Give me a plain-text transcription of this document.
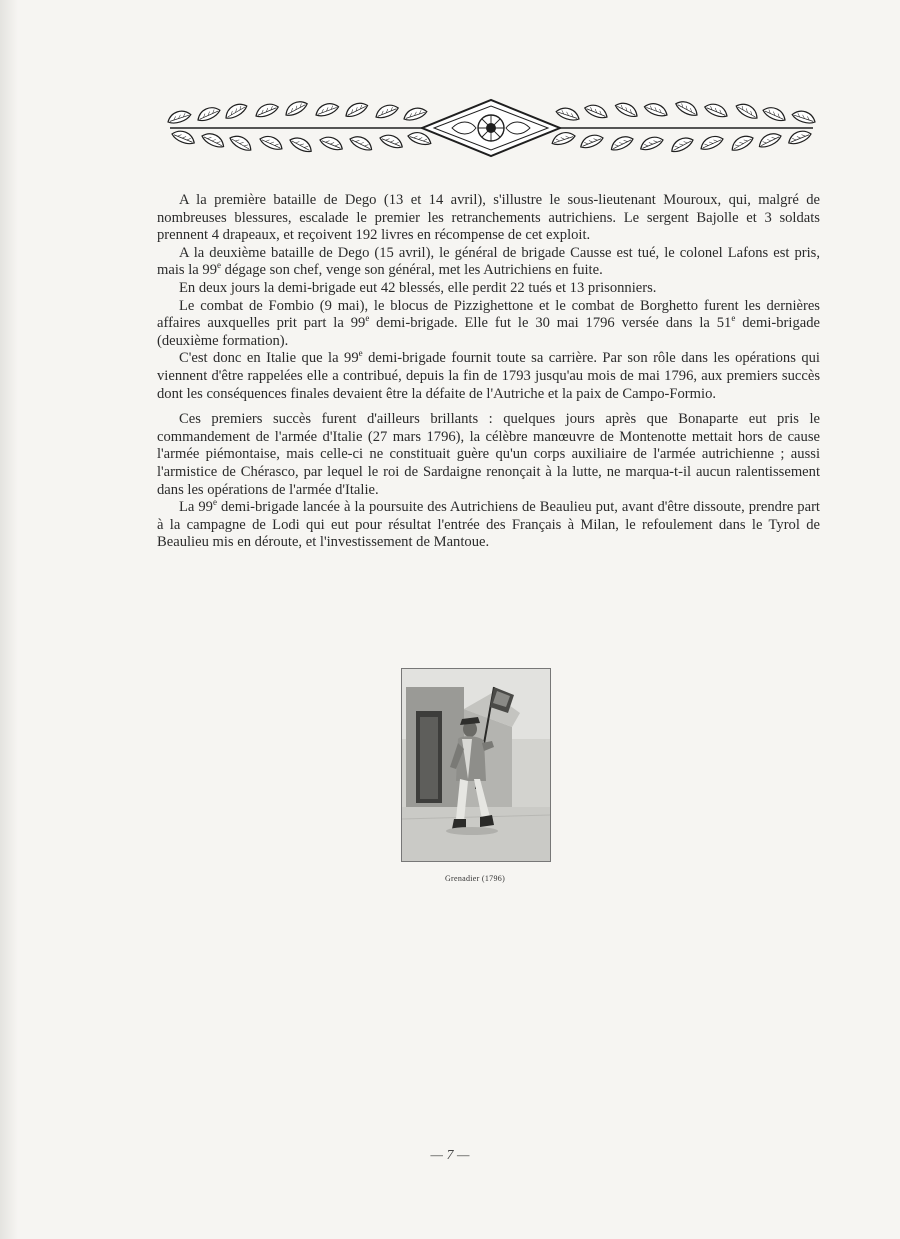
A la première bataille de Dego (13 et 14 avril), s'illustre le sous-lieutenant Mouroux, qui, malgré de nombreuses blessures, escalade le premier les retranchements autrichiens. Le sergent Bajolle et 3 soldats prennent 4 drapeaux, et reçoivent 192 livres en récompense de cet exploit.

A la deuxième bataille de Dego (15 avril), le général de brigade Causse est tué, le colonel Lafons est pris, mais la 99e dégage son chef, venge son général, met les Autrichiens en fuite.

En deux jours la demi-brigade eut 42 blessés, elle perdit 22 tués et 13 prisonniers.

Le combat de Fombio (9 mai), le blocus de Pizzighettone et le combat de Borghetto furent les dernières affaires auxquelles prit part la 99e demi-brigade. Elle fut le 30 mai 1796 versée dans la 51e demi-brigade (deuxième formation).

C'est donc en Italie que la 99e demi-brigade fournit toute sa carrière. Par son rôle dans les opérations qui viennent d'être rappelées elle a contribué, depuis la fin de 1793 jusqu'au mois de mai 1796, aux premiers succès dont les conséquences finales devaient être la défaite de l'Autriche et la paix de Campo-Formio.

Ces premiers succès furent d'ailleurs brillants : quelques jours après que Bonaparte eut pris le commandement de l'armée d'Italie (27 mars 1796), la célèbre manœuvre de Montenotte mettait hors de cause l'armée piémontaise, mais celle-ci ne constituait guère qu'un corps auxiliaire de l'armée autrichienne ; aussi l'armistice de Chérasco, par lequel le roi de Sardaigne renonçait à la lutte, ne marqua-t-il aucun ralentissement dans les opérations de l'armée d'Italie.

La 99e demi-brigade lancée à la poursuite des Autrichiens de Beaulieu put, avant d'être dissoute, prendre part à la campagne de Lodi qui eut pour résultat l'entrée des Français à Milan, le refoulement dans le Tyrol de Beaulieu mis en déroute, et l'investissement de Mantoue.

Grenadier (1796)
— 7 —
